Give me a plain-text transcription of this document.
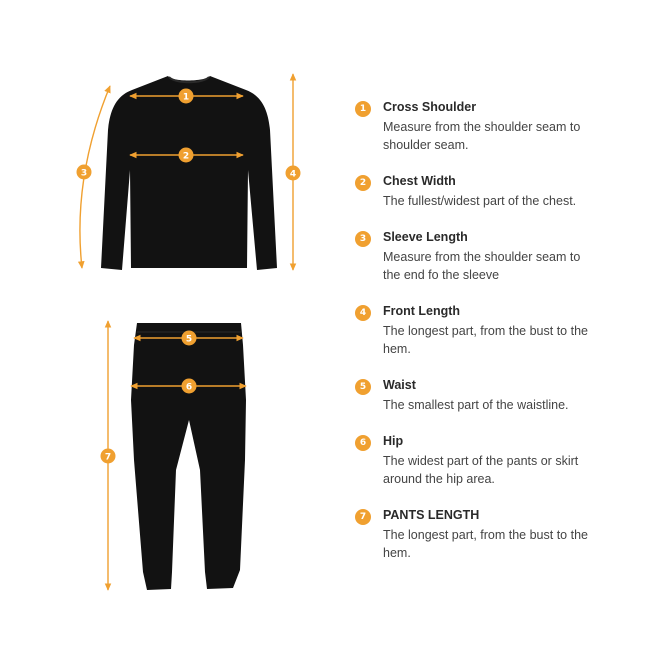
1
2
3	4
5
6
7
1	Cross Shoulder
Measure from the shoulder seam to shoulder seam.
2	Chest Width
The fullest/widest part of the chest.
3	Sleeve Length
Measure from the shoulder seam to the end fo the sleeve
4	Front Length
The longest part, from the bust to the hem.
5	Waist
The smallest part of the waistline.
6	Hip
The widest part of the pants or skirt around the hip area.
7	PANTS LENGTH
The longest part, from the bust to the hem.
